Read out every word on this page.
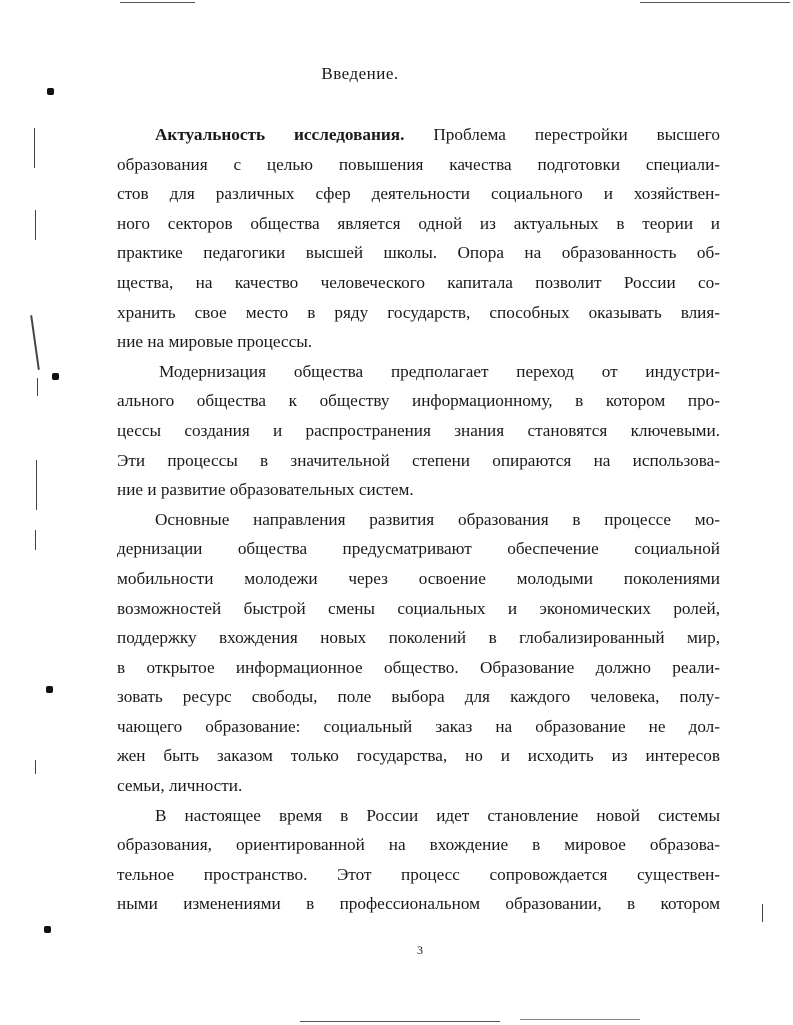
Введение.
Актуальность исследования. Проблема перестройки высшего
образования с целью повышения качества подготовки специали-
стов для различных сфер деятельности социального и хозяйствен-
ного секторов общества является одной из актуальных в теории и
практике педагогики высшей школы. Опора на образованность об-
щества, на качество человеческого капитала позволит России со-
хранить свое место в ряду государств, способных оказывать влия-
ние на мировые процессы.
Модернизация общества предполагает переход от индустри-
ального общества к обществу информационному, в котором про-
цессы создания и распространения знания становятся ключевыми.
Эти процессы в значительной степени опираются на использова-
ние и развитие образовательных систем.
Основные направления развития образования в процессе мо-
дернизации общества предусматривают обеспечение социальной
мобильности молодежи через освоение молодыми поколениями
возможностей быстрой смены социальных и экономических ролей,
поддержку вхождения новых поколений в глобализированный мир,
в открытое информационное общество. Образование должно реали-
зовать ресурс свободы, поле выбора для каждого человека, полу-
чающего образование: социальный заказ на образование не дол-
жен быть заказом только государства, но и исходить из интересов
семьи, личности.
В настоящее время в России идет становление новой системы
образования, ориентированной на вхождение в мировое образова-
тельное пространство. Этот процесс сопровождается существен-
ными изменениями в профессиональном образовании, в котором
3
